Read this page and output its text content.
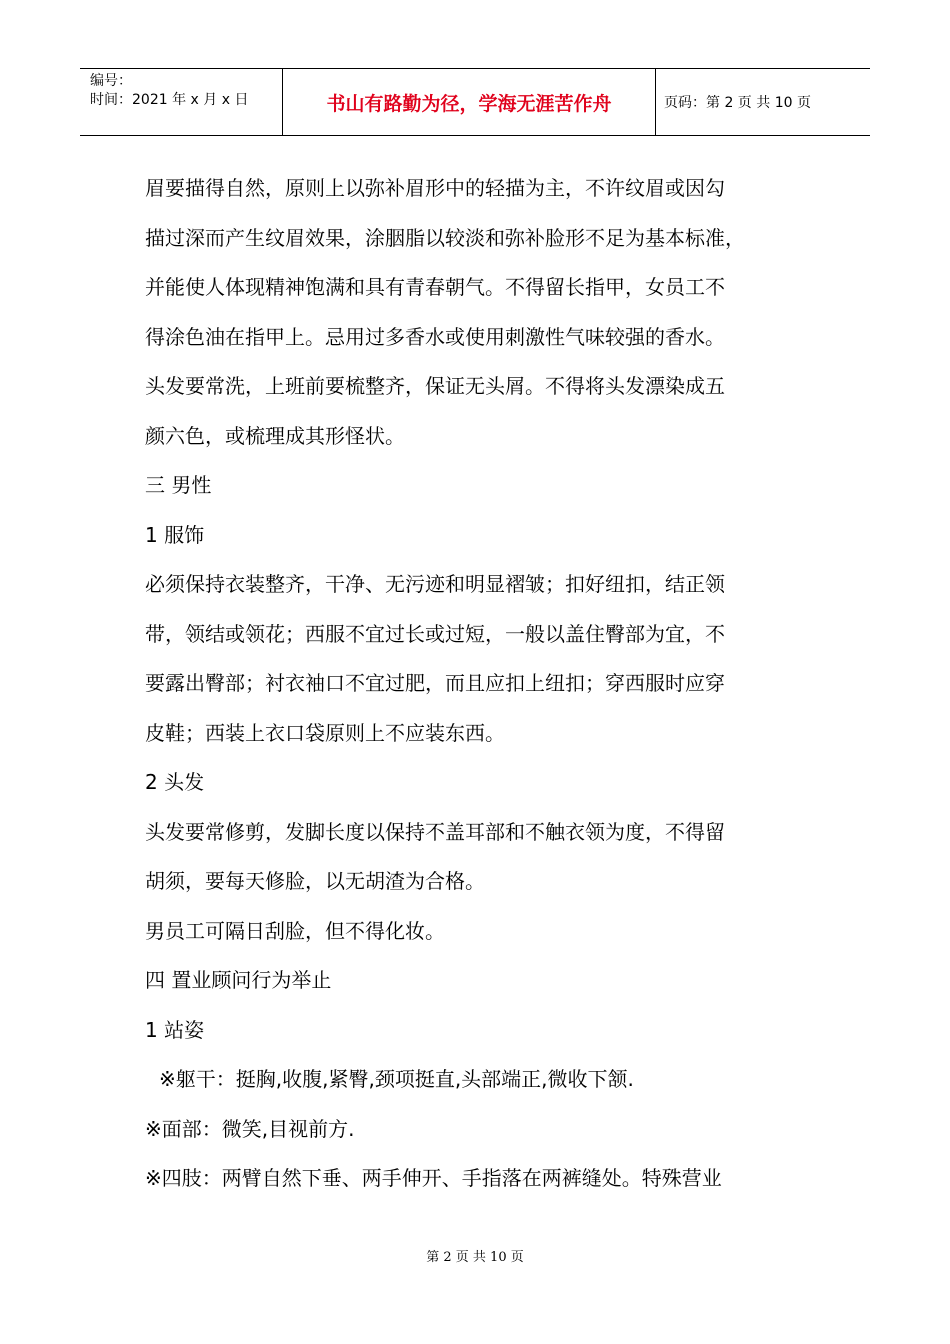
编号：
时间：2021 年 x 月 x 日	书山有路勤为径，学海无涯苦作舟	页码：第 2 页 共 10 页

眉要描得自然，原则上以弥补眉形中的轻描为主，不许纹眉或因勾

描过深而产生纹眉效果，涂胭脂以较淡和弥补脸形不足为基本标准，

并能使人体现精神饱满和具有青春朝气。不得留长指甲，女员工不

得涂色油在指甲上。忌用过多香水或使用刺激性气味较强的香水。

头发要常洗，上班前要梳整齐，保证无头屑。不得将头发漂染成五

颜六色，或梳理成其形怪状。

三 男性

1 服饰

必须保持衣装整齐，干净、无污迹和明显褶皱；扣好纽扣，结正领

带，领结或领花；西服不宜过长或过短，一般以盖住臀部为宜，不

要露出臀部；衬衣袖口不宜过肥，而且应扣上纽扣；穿西服时应穿

皮鞋；西装上衣口袋原则上不应装东西。

2 头发

头发要常修剪，发脚长度以保持不盖耳部和不触衣领为度，不得留

胡须，要每天修脸，以无胡渣为合格。

男员工可隔日刮脸，但不得化妆。

四 置业顾问行为举止

1 站姿

※躯干：挺胸,收腹,紧臀,颈项挺直,头部端正,微收下颔.

※面部：微笑,目视前方.

※四肢：两臂自然下垂、两手伸开、手指落在两裤缝处。特殊营业

第 2 页 共 10 页
